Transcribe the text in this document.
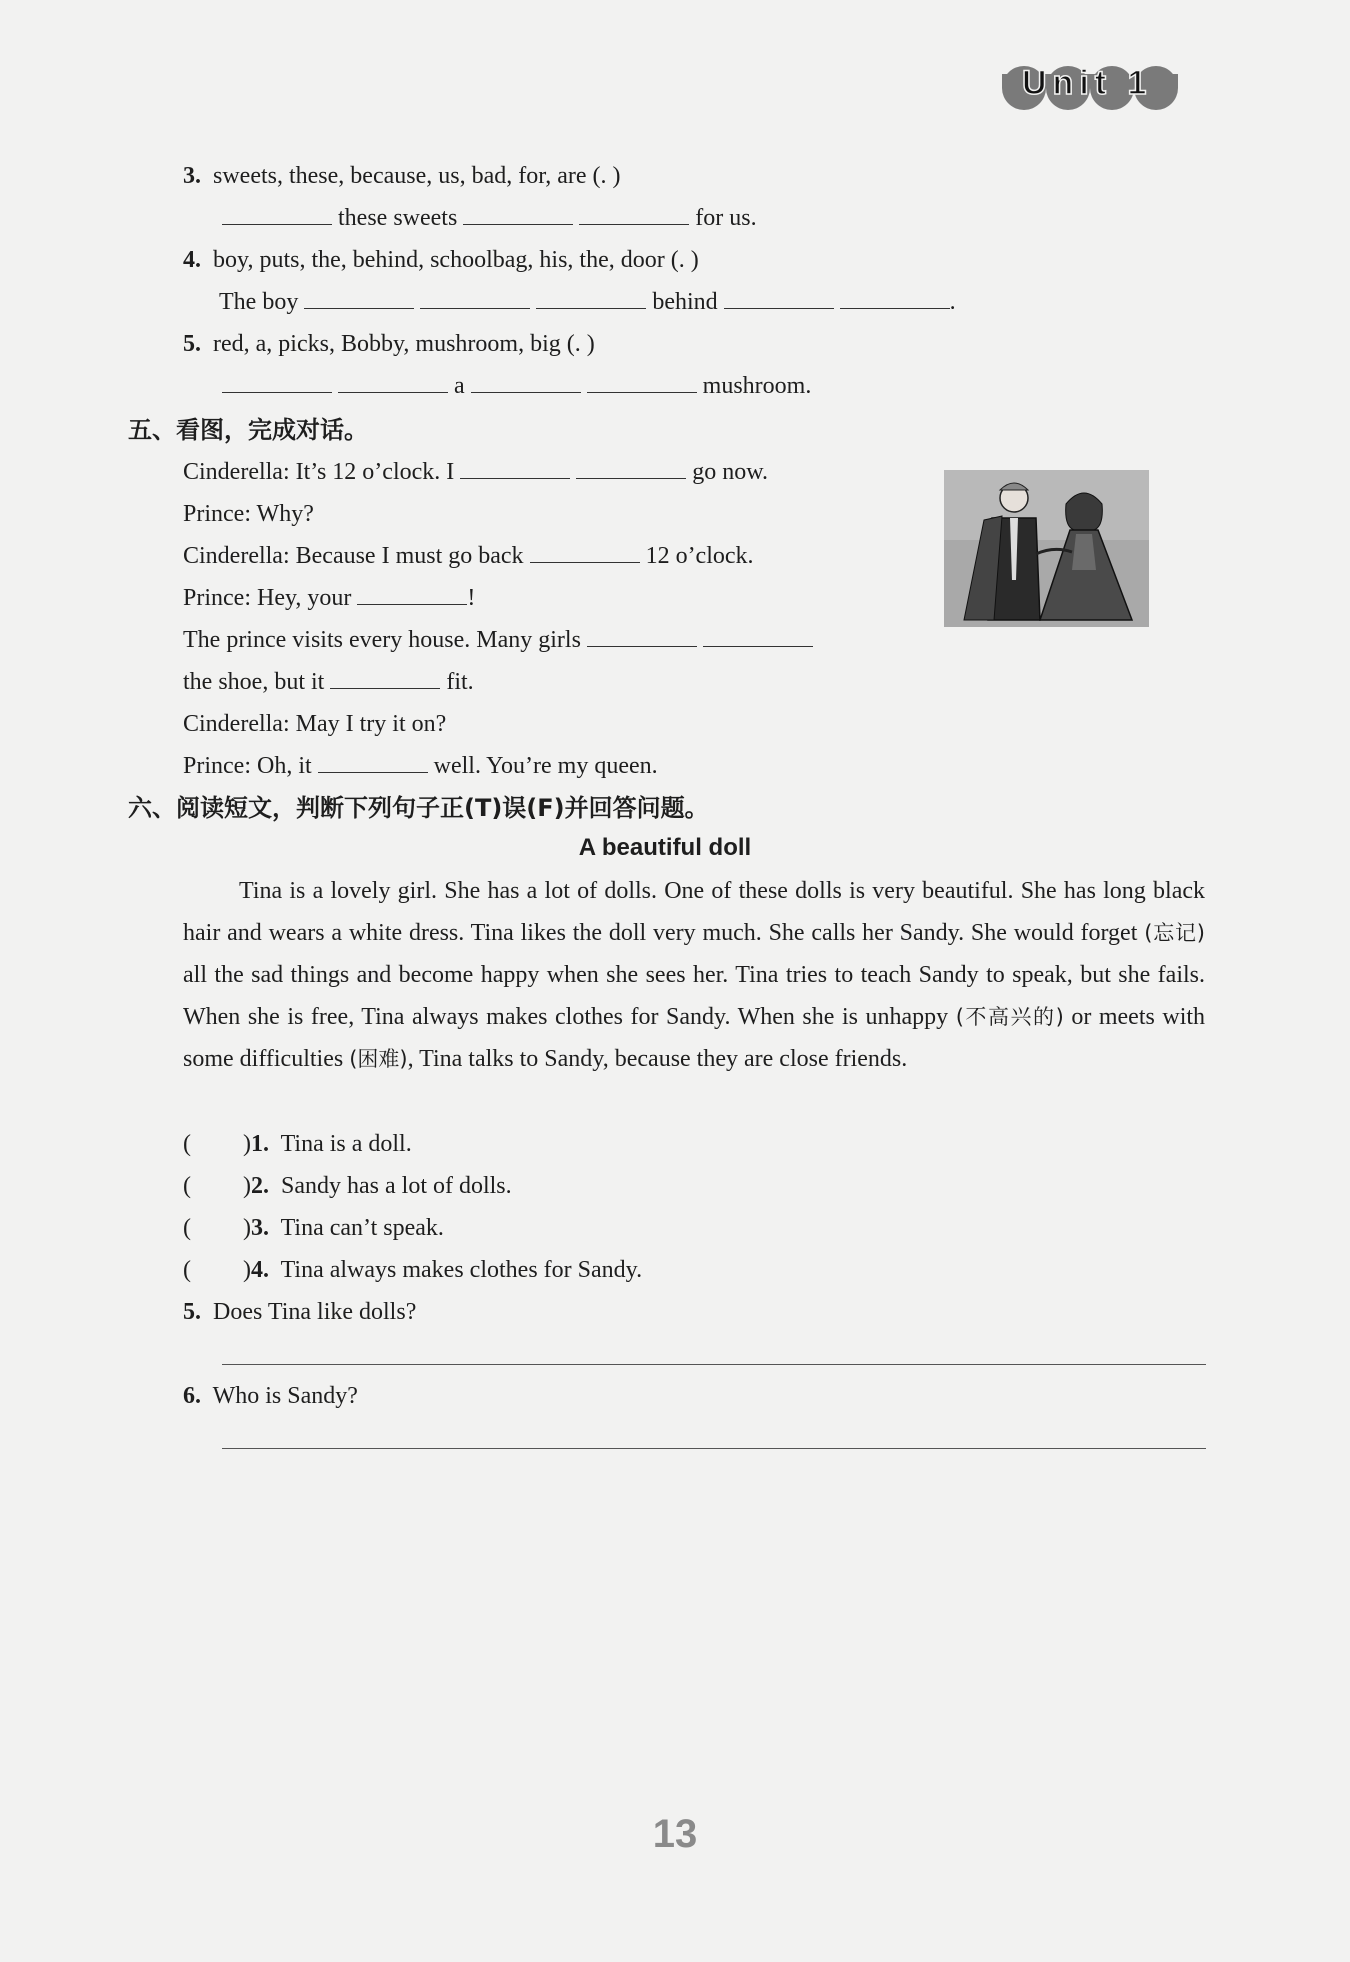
Unit 1
3. sweets, these, because, us, bad, for, are (. )
these sweets	for us.
4. boy, puts, the, behind, schoolbag, his, the, door (. )
The boy	behind	.
5. red, a, picks, Bobby, mushroom, big (. )
a	mushroom.
五、看图，完成对话。
Cinderella: It’s 12 o’clock. I	go now.
Prince: Why?
Cinderella: Because I must go back	12 o’clock.
Prince: Hey, your	!
The prince visits every house. Many girls
the shoe, but it	fit.
Cinderella: May I try it on?
Prince: Oh, it	well. You’re my queen.
六、阅读短文，判断下列句子正(T)误(F)并回答问题。
A beautiful doll
Tina is a lovely girl. She has a lot of dolls. One of these dolls is very beautiful. She has long black hair and wears a white dress. Tina likes the doll very much. She calls her Sandy. She would forget (忘记) all the sad things and become happy when she sees her. Tina tries to teach Sandy to speak, but she fails. When she is free, Tina always makes clothes for Sandy. When she is unhappy (不高兴的) or meets with some difficulties (困难), Tina talks to Sandy, because they are close friends.
( )1. Tina is a doll.
( )2. Sandy has a lot of dolls.
( )3. Tina can’t speak.
( )4. Tina always makes clothes for Sandy.
5. Does Tina like dolls?
6. Who is Sandy?
13
